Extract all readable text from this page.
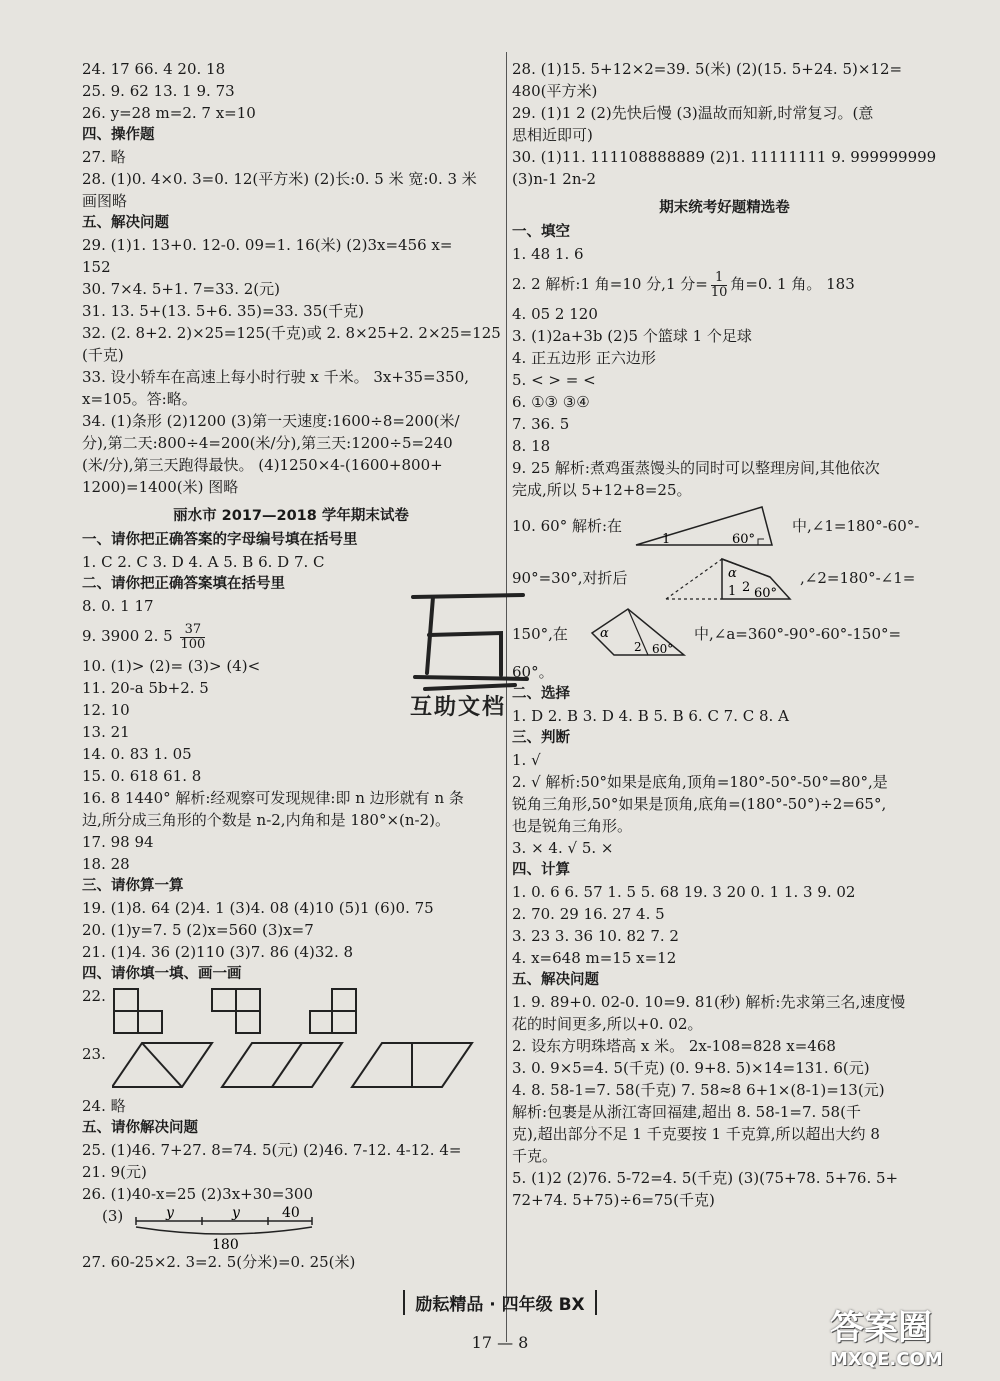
24. 17 66. 4 20. 18

25. 9. 62 13. 1 9. 73

26. y=28 m=2. 7 x=10

四、操作题

27. 略

28. (1)0. 4×0. 3=0. 12(平方米) (2)长:0. 5 米 宽:0. 3 米

画图略

五、解决问题

29. (1)1. 13+0. 12-0. 09=1. 16(米) (2)3x=456 x=

152

30. 7×4. 5+1. 7=33. 2(元)

31. 13. 5+(13. 5+6. 35)=33. 35(千克)

32. (2. 8+2. 2)×25=125(千克)或 2. 8×25+2. 2×25=125

(千克)

33. 设小轿车在高速上每小时行驶 x 千米。 3x+35=350,

x=105。答:略。

34. (1)条形 (2)1200 (3)第一天速度:1600÷8=200(米/

分),第二天:800÷4=200(米/分),第三天:1200÷5=240

(米/分),第三天跑得最快。 (4)1250×4-(1600+800+

1200)=1400(米) 图略

丽水市 2017—2018 学年期末试卷

一、请你把正确答案的字母编号填在括号里

1. C 2. C 3. D 4. A 5. B 6. D 7. C

二、请你把正确答案填在括号里

8. 0. 1 17

9. 3900 2. $5 \frac{37}{100}$

10. (1)> (2)= (3)> (4)<

11. 20-a 5b+2. 5

12. 10

13. 21

14. 0. 83 1. 05

15. 0. 618 61. 8

16. 8 1440° 解析:经观察可发现规律:即 n 边形就有 n 条

边,所分成三角形的个数是 n-2,内角和是 180°×(n-2)。

17. 98 94

18. 28

三、请你算一算

19. (1)8. 64 (2)4. 1 (3)4. 08 (4)10 (5)1 (6)0. 75

20. (1)y=7. 5 (2)x=560 (3)x=7

21. (1)4. 36 (2)110 (3)7. 86 (4)32. 8

四、请你填一填、画一画

22.
23.

24. 略

五、请你解决问题

25. (1)46. 7+27. 8=74. 5(元) (2)46. 7-12. 4-12. 4=

21. 9(元)

26. (1)40-x=25 (2)3x+30=300

(3)	y	y	40
180

27. 60-25×2. 3=2. 5(分米)=0. 25(米)

28. (1)15. 5+12×2=39. 5(米) (2)(15. 5+24. 5)×12=

480(平方米)

29. (1)1 2 (2)先快后慢 (3)温故而知新,时常复习。(意

思相近即可)

30. (1)11. 111108888889 (2)1. 11111111 9. 999999999

(3)n-1 2n-2

期末统考好题精选卷

一、填空

1. 48 1. 6

2. 2 解析:1 角=10 分,1 分= $\frac{1}{10}$ 角=0. 1 角。 183

4. 05 2 120

3. (1)2a+3b (2)5 个篮球 1 个足球

4. 正五边形 正六边形

5. < > = <

6. ①③ ③④

7. 36. 5

8. 18

9. 25 解析:煮鸡蛋蒸馒头的同时可以整理房间,其他依次

完成,所以 5+12+8=25。

10. 60° 解析:在
1	60°
中,∠1=180°-60°-
90°=30°,对折后	α
1 2 60°
,∠2=180°-∠1=
150°,在 α
2 60°
中,∠a=360°-90°-60°-150°=

60°。

二、选择

1. D 2. B 3. D 4. B 5. B 6. C 7. C 8. A

三、判断

1. √

2. √ 解析:50°如果是底角,顶角=180°-50°-50°=80°,是

锐角三角形,50°如果是顶角,底角=(180°-50°)÷2=65°,

也是锐角三角形。

3. × 4. √ 5. ×

四、计算

1. 0. 6 6. 57 1. 5 5. 68 19. 3 20 0. 1 1. 3 9. 02

2. 70. 29 16. 27 4. 5

3. 23 3. 36 10. 82 7. 2

4. x=648 m=15 x=12

五、解决问题

1. 9. 89+0. 02-0. 10=9. 81(秒) 解析:先求第三名,速度慢

花的时间更多,所以+0. 02。

2. 设东方明珠塔高 x 米。 2x-108=828 x=468

3. 0. 9×5=4. 5(千克) (0. 9+8. 5)×14=131. 6(元)

4. 8. 58-1=7. 58(千克) 7. 58≈8 6+1×(8-1)=13(元)

解析:包裹是从浙江寄回福建,超出 8. 58-1=7. 58(千

克),超出部分不足 1 千克要按 1 千克算,所以超出大约 8

千克。

5. (1)2 (2)76. 5-72=4. 5(千克) (3)(75+78. 5+76. 5+

72+74. 5+75)÷6=75(千克)

互助文档
励耘精品 · 四年级 BX
17 — 8	答案圈
MXQE.COM
